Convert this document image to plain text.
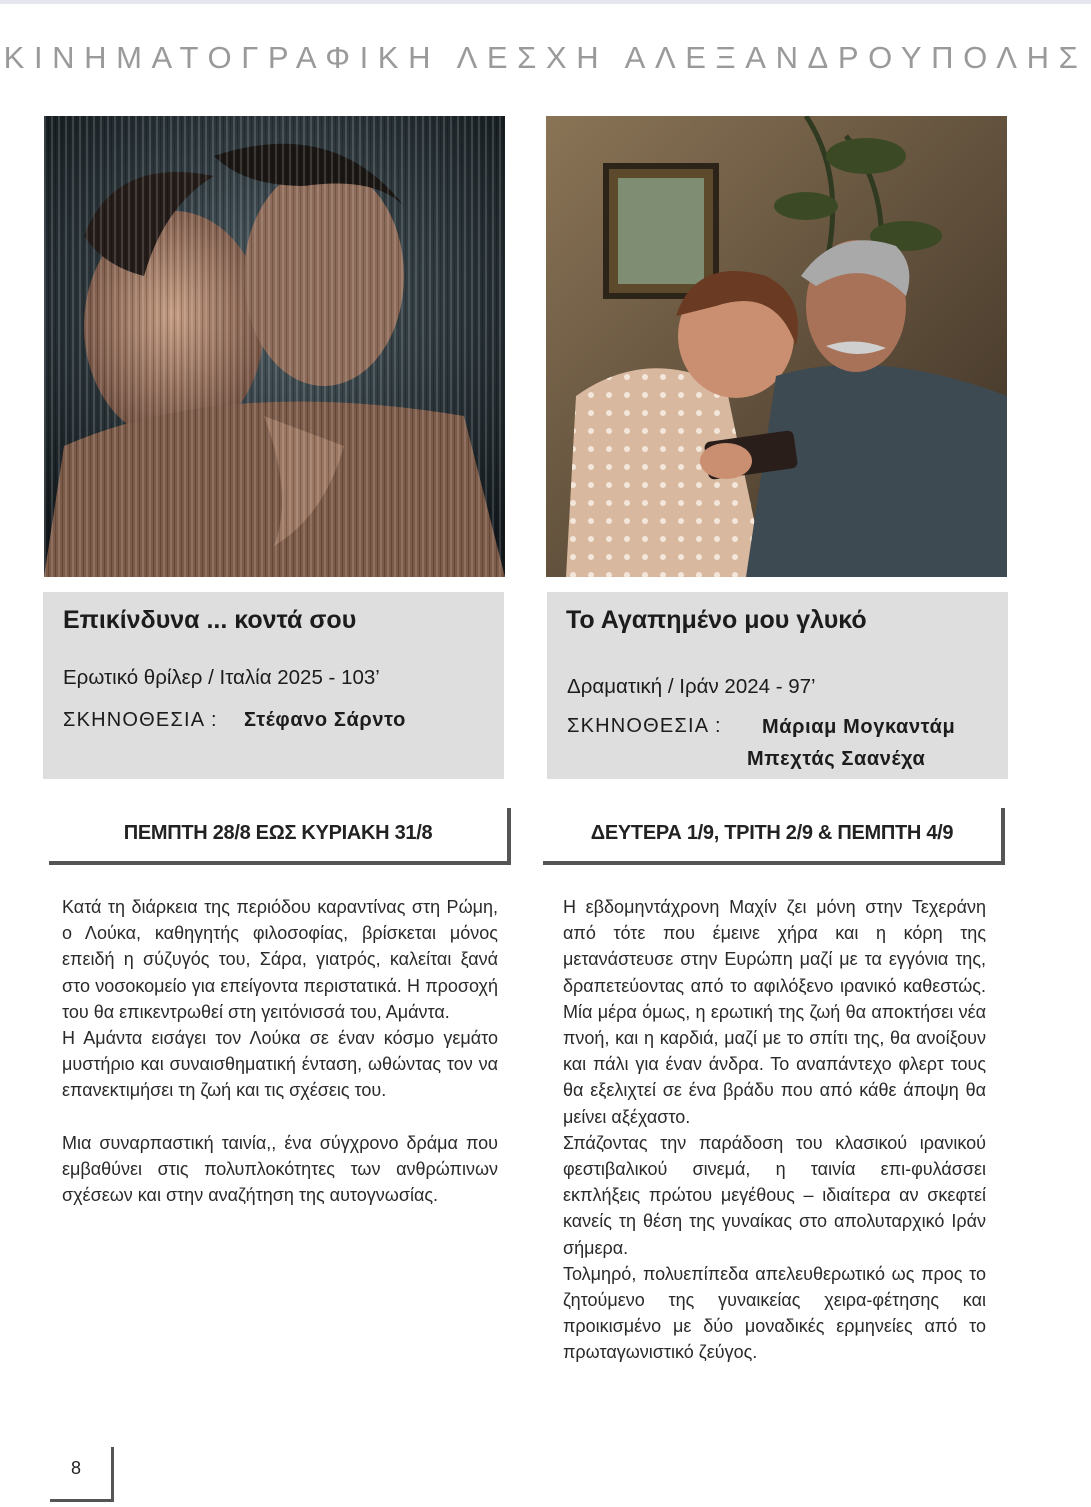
ΚΙΝΗΜΑΤΟΓΡΑΦΙΚΗ ΛΕΣΧΗ ΑΛΕΞΑΝΔΡΟΥΠΟΛΗΣ
Επικίνδυνα ... κοντά σου
Ερωτικό θρίλερ / Ιταλία 2025 - 103’
ΣΚΗΝΟΘΕΣΙΑ : Στέφανο Σάρντο
Το Αγαπημένο μου γλυκό
Δραματική / Ιράν 2024 - 97’
ΣΚΗΝΟΘΕΣΙΑ : Μάριαμ Μογκαντάμ
Μπεχτάς Σαανέχα
ΠΕΜΠΤΗ 28/8 ΕΩΣ ΚΥΡΙΑΚΗ 31/8	ΔΕΥΤΕΡΑ 1/9, ΤΡΙΤΗ 2/9 & ΠΕΜΠΤΗ 4/9

Κατά τη διάρκεια της περιόδου καραντίνας στη Ρώμη, ο Λούκα, καθηγητής φιλοσοφίας, βρίσκεται μόνος επειδή η σύζυγός του, Σάρα, γιατρός, καλείται ξανά στο νοσοκομείο για επείγοντα περιστατικά. Η προσοχή του θα επικεντρωθεί στη γειτόνισσά του, Αμάντα.

Η Αμάντα εισάγει τον Λούκα σε έναν κόσμο γεμάτο μυστήριο και συναισθηματική ένταση, ωθώντας τον να επανεκτιμήσει τη ζωή και τις σχέσεις του.

Μια συναρπαστική ταινία,, ένα σύγχρονο δράμα που εμβαθύνει στις πολυπλοκότητες των ανθρώπινων σχέσεων και στην αναζήτηση της αυτογνωσίας.

Η εβδομηντάχρονη Μαχίν ζει μόνη στην Τεχεράνη από τότε που έμεινε χήρα και η κόρη της μετανάστευσε στην Ευρώπη μαζί με τα εγγόνια της, δραπετεύοντας από το αφιλόξενο ιρανικό καθεστώς. Μία μέρα όμως, η ερωτική της ζωή θα αποκτήσει νέα πνοή, και η καρδιά, μαζί με το σπίτι της, θα ανοίξουν και πάλι για έναν άνδρα. Το αναπάντεχο φλερτ τους θα εξελιχτεί σε ένα βράδυ που από κάθε άποψη θα μείνει αξέχαστο.

Σπάζοντας την παράδοση του κλασικού ιρανικού φεστιβαλικού σινεμά, η ταινία επι-φυλάσσει εκπλήξεις πρώτου μεγέθους – ιδιαίτερα αν σκεφτεί κανείς τη θέση της γυναίκας στο απολυταρχικό Ιράν σήμερα.

Τολμηρό, πολυεπίπεδα απελευθερωτικό ως προς το ζητούμενο της γυναικείας χειρα-φέτησης και προικισμένο με δύο μοναδικές ερμηνείες από το πρωταγωνιστικό ζεύγος.

8
